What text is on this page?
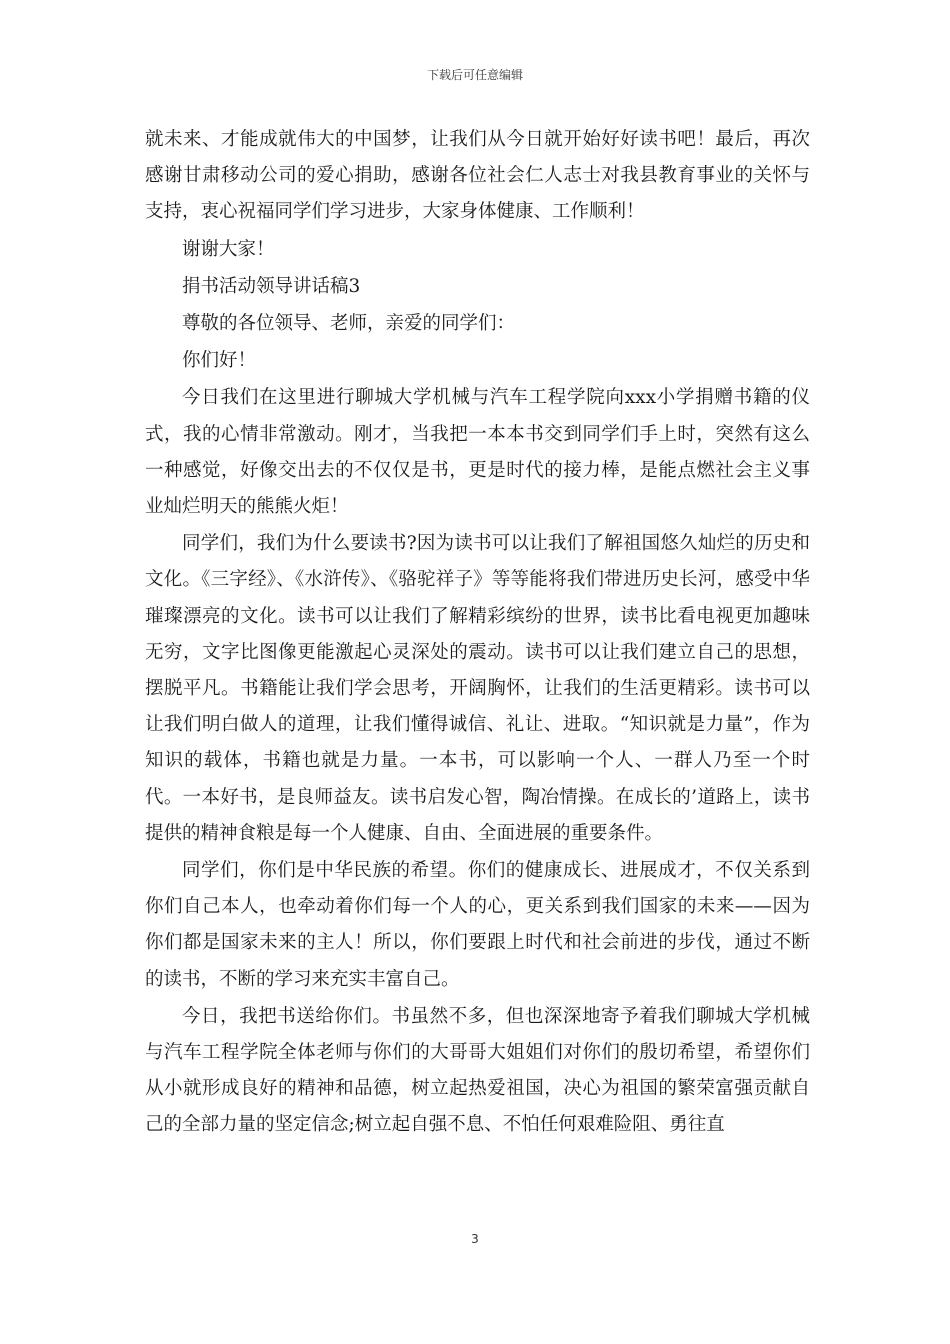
下载后可任意编辑

就未来、才能成就伟大的中国梦，让我们从今日就开始好好读书吧！最后，再次感谢甘肃移动公司的爱心捐助，感谢各位社会仁人志士对我县教育事业的关怀与支持，衷心祝福同学们学习进步，大家身体健康、工作顺利！

谢谢大家！

捐书活动领导讲话稿3

尊敬的各位领导、老师，亲爱的同学们：

你们好！

今日我们在这里进行聊城大学机械与汽车工程学院向xxx小学捐赠书籍的仪式，我的心情非常激动。刚才，当我把一本本书交到同学们手上时，突然有这么一种感觉，好像交出去的不仅仅是书，更是时代的接力棒，是能点燃社会主义事业灿烂明天的熊熊火炬！

同学们，我们为什么要读书?因为读书可以让我们了解祖国悠久灿烂的历史和文化。《三字经》、《水浒传》、《骆驼祥子》等等能将我们带进历史长河，感受中华璀璨漂亮的文化。读书可以让我们了解精彩缤纷的世界，读书比看电视更加趣味无穷，文字比图像更能激起心灵深处的震动。读书可以让我们建立自己的思想，摆脱平凡。书籍能让我们学会思考，开阔胸怀，让我们的生活更精彩。读书可以让我们明白做人的道理，让我们懂得诚信、礼让、进取。“知识就是力量”，作为知识的载体，书籍也就是力量。一本书，可以影响一个人、一群人乃至一个时代。一本好书，是良师益友。读书启发心智，陶冶情操。在成长的’道路上，读书提供的精神食粮是每一个人健康、自由、全面进展的重要条件。

同学们，你们是中华民族的希望。你们的健康成长、进展成才，不仅关系到你们自己本人，也牵动着你们每一个人的心，更关系到我们国家的未来——因为你们都是国家未来的主人！所以，你们要跟上时代和社会前进的步伐，通过不断的读书，不断的学习来充实丰富自己。

今日，我把书送给你们。书虽然不多，但也深深地寄予着我们聊城大学机械与汽车工程学院全体老师与你们的大哥哥大姐姐们对你们的殷切希望，希望你们从小就形成良好的精神和品德，树立起热爱祖国，决心为祖国的繁荣富强贡献自己的全部力量的坚定信念;树立起自强不息、不怕任何艰难险阻、勇往直

3
